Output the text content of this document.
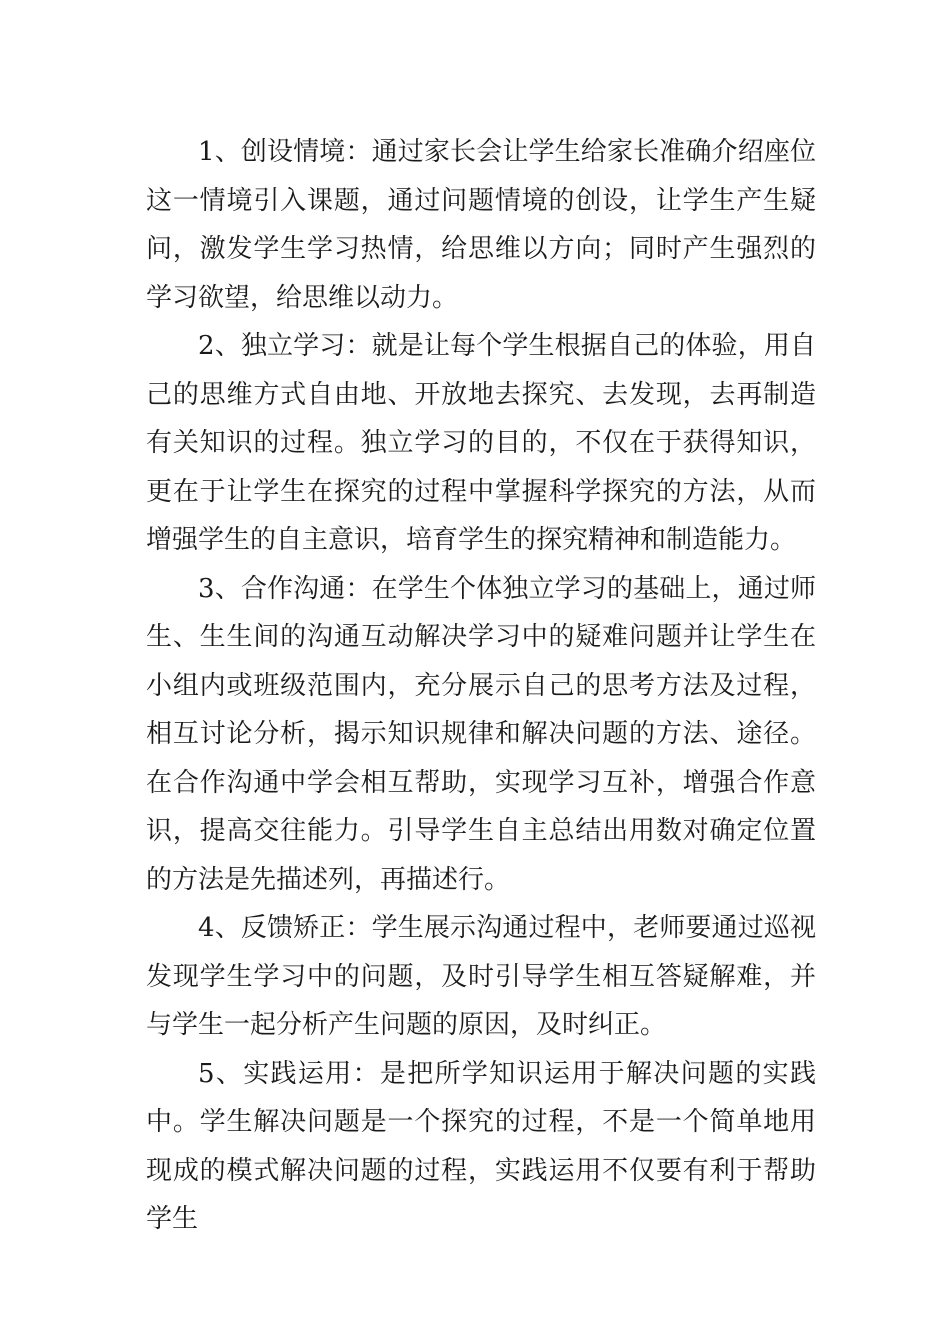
1、创设情境：通过家长会让学生给家长准确介绍座位这一情境引入课题，通过问题情境的创设，让学生产生疑问，激发学生学习热情，给思维以方向；同时产生强烈的学习欲望，给思维以动力。

2、独立学习：就是让每个学生根据自己的体验，用自己的思维方式自由地、开放地去探究、去发现，去再制造有关知识的过程。独立学习的目的，不仅在于获得知识，更在于让学生在探究的过程中掌握科学探究的方法，从而增强学生的自主意识，培育学生的探究精神和制造能力。

3、合作沟通：在学生个体独立学习的基础上，通过师生、生生间的沟通互动解决学习中的疑难问题并让学生在小组内或班级范围内，充分展示自己的思考方法及过程，相互讨论分析，揭示知识规律和解决问题的方法、途径。在合作沟通中学会相互帮助，实现学习互补，增强合作意识，提高交往能力。引导学生自主总结出用数对确定位置的方法是先描述列，再描述行。

4、反馈矫正：学生展示沟通过程中，老师要通过巡视发现学生学习中的问题，及时引导学生相互答疑解难，并与学生一起分析产生问题的原因，及时纠正。

5、实践运用：是把所学知识运用于解决问题的实践中。学生解决问题是一个探究的过程，不是一个简单地用现成的模式解决问题的过程，实践运用不仅要有利于帮助学生
